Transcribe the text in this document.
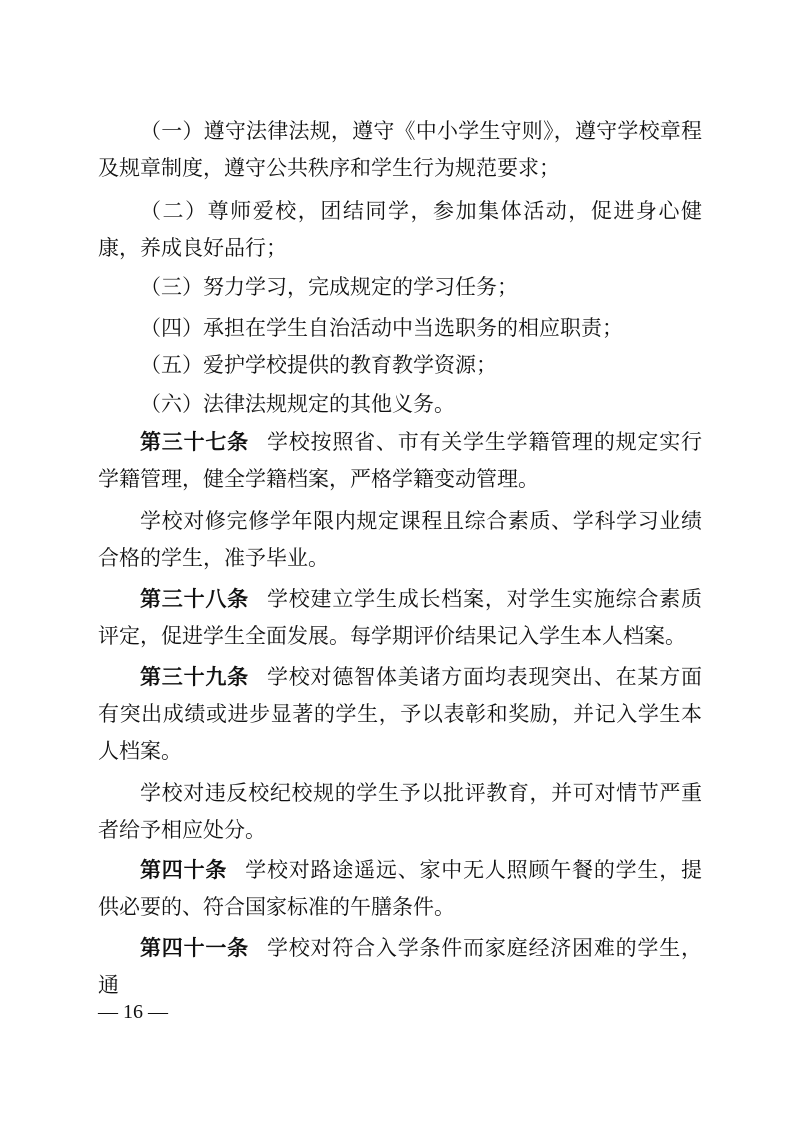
（一）遵守法律法规，遵守《中小学生守则》，遵守学校章程及规章制度，遵守公共秩序和学生行为规范要求；

（二）尊师爱校，团结同学，参加集体活动，促进身心健康，养成良好品行；

（三）努力学习，完成规定的学习任务；

（四）承担在学生自治活动中当选职务的相应职责；

（五）爱护学校提供的教育教学资源；

（六）法律法规规定的其他义务。

第三十七条 学校按照省、市有关学生学籍管理的规定实行学籍管理，健全学籍档案，严格学籍变动管理。

学校对修完修学年限内规定课程且综合素质、学科学习业绩合格的学生，准予毕业。

第三十八条 学校建立学生成长档案，对学生实施综合素质评定，促进学生全面发展。每学期评价结果记入学生本人档案。

第三十九条 学校对德智体美诸方面均表现突出、在某方面有突出成绩或进步显著的学生，予以表彰和奖励，并记入学生本人档案。

学校对违反校纪校规的学生予以批评教育，并可对情节严重者给予相应处分。

第四十条 学校对路途遥远、家中无人照顾午餐的学生，提供必要的、符合国家标准的午膳条件。

第四十一条 学校对符合入学条件而家庭经济困难的学生，通

— 16 —
